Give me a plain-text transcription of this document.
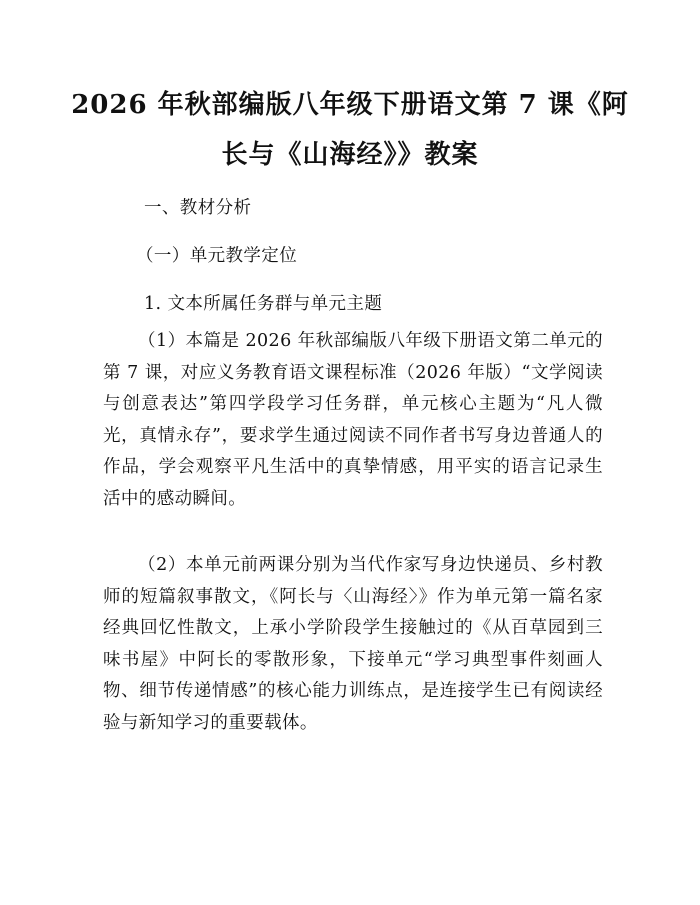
2026 年秋部编版八年级下册语文第 7 课《阿
长与《山海经》》教案
一、教材分析
（一）单元教学定位
1. 文本所属任务群与单元主题
（1）本篇是 2026 年秋部编版八年级下册语文第二单元的第 7 课，对应义务教育语文课程标准（2026 年版）“文学阅读与创意表达”第四学段学习任务群，单元核心主题为“凡人微光，真情永存”，要求学生通过阅读不同作者书写身边普通人的作品，学会观察平凡生活中的真挚情感，用平实的语言记录生活中的感动瞬间。
（2）本单元前两课分别为当代作家写身边快递员、乡村教师的短篇叙事散文，《阿长与〈山海经〉》作为单元第一篇名家经典回忆性散文，上承小学阶段学生接触过的《从百草园到三味书屋》中阿长的零散形象，下接单元“学习典型事件刻画人物、细节传递情感”的核心能力训练点，是连接学生已有阅读经验与新知学习的重要载体。
